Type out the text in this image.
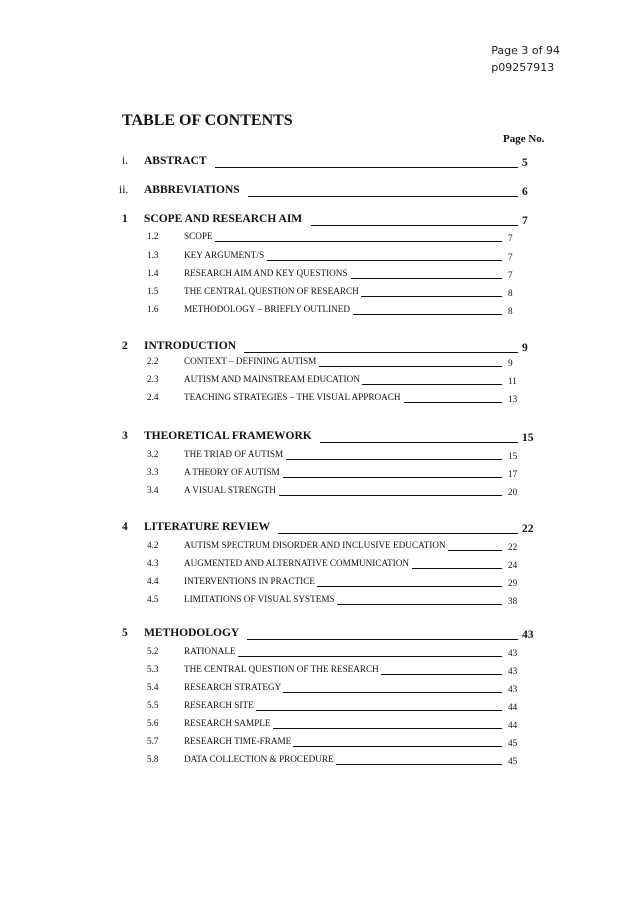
Page 3 of 94
p09257913
TABLE OF CONTENTS
Page No.
i. ABSTRACT	5
ii. ABBREVIATIONS	6
1 SCOPE AND RESEARCH AIM	7
1.2	SCOPE	7
1.3	KEY ARGUMENT/S	7
1.4	RESEARCH AIM AND KEY QUESTIONS	7
1.5	THE CENTRAL QUESTION OF RESEARCH	8
1.6	METHODOLOGY – BRIEFLY OUTLINED	8
2 INTRODUCTION	9
2.2	CONTEXT – DEFINING AUTISM	9
2.3	AUTISM AND MAINSTREAM EDUCATION	11
2.4	TEACHING STRATEGIES – THE VISUAL APPROACH	13
3 THEORETICAL FRAMEWORK	15
3.2	THE TRIAD OF AUTISM	15
3.3	A THEORY OF AUTISM	17
3.4	A VISUAL STRENGTH	20
4 LITERATURE REVIEW	22
4.2	AUTISM SPECTRUM DISORDER AND INCLUSIVE EDUCATION	22
4.3	AUGMENTED AND ALTERNATIVE COMMUNICATION	24
4.4	INTERVENTIONS IN PRACTICE	29
4.5	LIMITATIONS OF VISUAL SYSTEMS	38
5 METHODOLOGY	43
5.2	RATIONALE	43
5.3	THE CENTRAL QUESTION OF THE RESEARCH	43
5.4	RESEARCH STRATEGY	43
5.5	RESEARCH SITE	44
5.6	RESEARCH SAMPLE	44
5.7	RESEARCH TIME-FRAME	45
5.8	DATA COLLECTION & PROCEDURE	45
